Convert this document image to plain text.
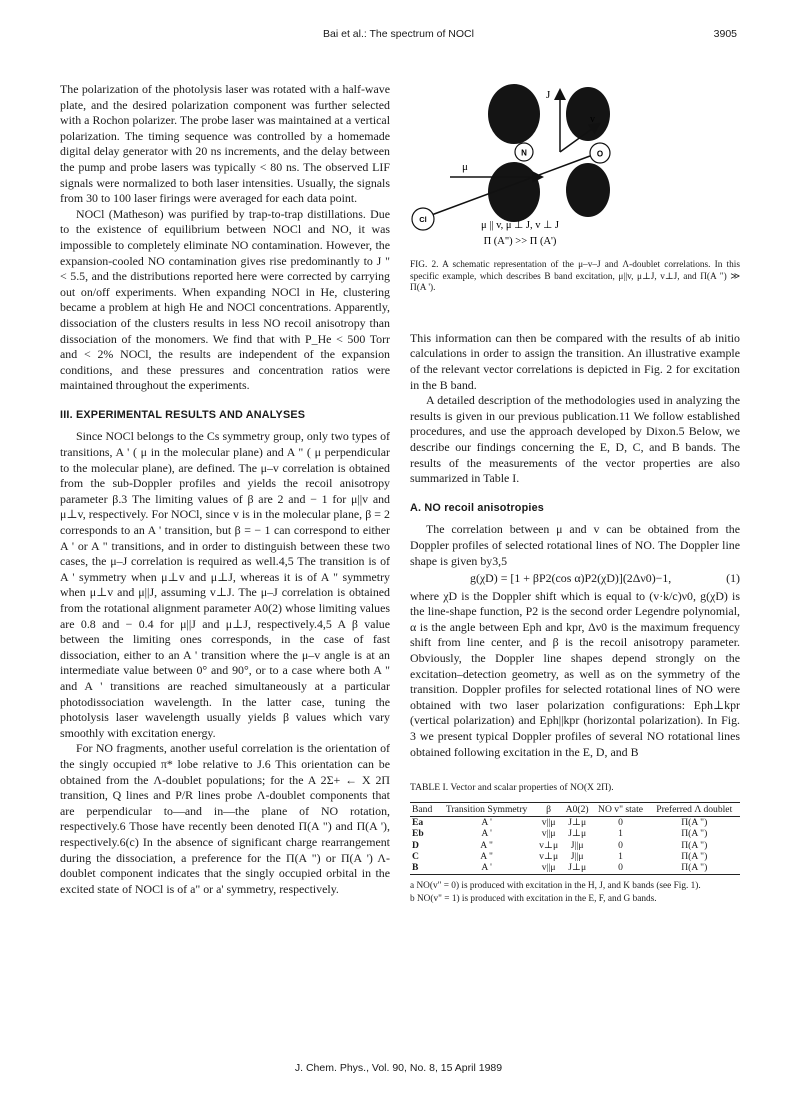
Bai et al.: The spectrum of NOCl	3905

The polarization of the photolysis laser was rotated with a half-wave plate, and the desired polarization component was further selected with a Rochon polarizer. The probe laser was maintained at a vertical polarization. The timing sequence was controlled by a homemade digital delay generator with 20 ns increments, and the delay between the pump and probe lasers was typically < 80 ns. The observed LIF signals were normalized to both laser intensities. Usually, the signals from 30 to 100 laser firings were averaged for each data point.

NOCl (Matheson) was purified by trap-to-trap distillations. Due to the existence of equilibrium between NOCl and NO, it was impossible to completely eliminate NO contamination. However, the expansion-cooled NO contamination gives rise predominantly to J " < 5.5, and the distributions reported here were corrected by carrying out on/off experiments. When expanding NOCl in He, clustering became a problem at high He and NOCl concentrations. Apparently, dissociation of the clusters results in less NO recoil anisotropy than dissociation of the monomers. We find that with P_He < 500 Torr and < 2% NOCl, the results are independent of the expansion conditions, and these pressures and concentration ratios were maintained throughout the experiments.

III. EXPERIMENTAL RESULTS AND ANALYSES

Since NOCl belongs to the Cs symmetry group, only two types of transitions, A ' ( μ in the molecular plane) and A " ( μ perpendicular to the molecular plane), are defined. The μ–v correlation is obtained from the sub-Doppler profiles and yields the recoil anisotropy parameter β.3 The limiting values of β are 2 and − 1 for μ||v and μ⊥v, respectively. For NOCl, since v is in the molecular plane, β = 2 corresponds to an A ' transition, but β = − 1 can correspond to either A ' or A " transitions, and in order to distinguish between these two cases, the μ–J correlation is required as well.4,5 The transition is of A ' symmetry when μ⊥v and μ⊥J, whereas it is of A " symmetry when μ⊥v and μ||J, assuming v⊥J. The μ–J correlation is obtained from the rotational alignment parameter A0(2) whose limiting values are 0.8 and − 0.4 for μ||J and μ⊥J, respectively.4,5 A β value between the limiting ones corresponds, in the case of fast dissociation, either to an A ' transition where the μ–v angle is at an intermediate value between 0° and 90°, or to a case where both A " and A ' transitions are reached simultaneously at a particular photodissociation wavelength. In the latter case, tuning the photolysis laser wavelength usually yields β values which vary smoothly with excitation energy.

For NO fragments, another useful correlation is the orientation of the singly occupied π* lobe relative to J.6 This orientation can be obtained from the Λ-doublet populations; for the A 2Σ+ ← X 2Π transition, Q lines and P/R lines probe Λ-doublet components that are perpendicular to—and in—the plane of NO rotation, respectively.6 Those have recently been denoted Π(A ") and Π(A '), respectively.6(c) In the absence of significant charge rearrangement during the dissociation, a preference for the Π(A ") or Π(A ') Λ-doublet component indicates that the singly occupied orbital in the excited state of NOCl is of a" or a' symmetry, respectively.

N	O
Cl
J
v
μ
μ || v, μ ⊥ J, v ⊥ J
Π (A") >> Π (A')
FIG. 2. A schematic representation of the μ–v–J and Λ-doublet correlations. In this specific example, which describes B band excitation, μ||v, μ⊥J, v⊥J, and Π(A ") ≫ Π(A ').

This information can then be compared with the results of ab initio calculations in order to assign the transition. An illustrative example of the relevant vector correlations is depicted in Fig. 2 for excitation in the B band.

A detailed description of the methodologies used in analyzing the results is given in our previous publication.11 We follow established procedures, and use the approach developed by Dixon.5 Below, we describe our findings concerning the E, D, C, and B bands. The results of the measurements of the vector properties are also summarized in Table I.

A. NO recoil anisotropies

The correlation between μ and v can be obtained from the Doppler profiles of selected rotational lines of NO. The Doppler line shape is given by3,5

g(χD) = [1 + βP2(cos α)P2(χD)](2Δν0)−1,	(1)

where χD is the Doppler shift which is equal to (v·k/c)ν0, g(χD) is the line-shape function, P2 is the second order Legendre polynomial, α is the angle between Eph and kpr, Δν0 is the maximum frequency shift from line center, and β is the recoil anisotropy parameter. Obviously, the Doppler line shapes depend strongly on the excitation–detection geometry, as well as on the symmetry of the transition. Doppler profiles for selected rotational lines of NO were obtained with two laser polarization configurations: Eph⊥kpr (vertical polarization) and Eph||kpr (horizontal polarization). In Fig. 3 we present typical Doppler profiles of several NO rotational lines obtained following excitation in the E, D, and B

TABLE I. Vector and scalar properties of NO(X 2Π).

Band	Transition Symmetry	β	A0(2)	NO v" state	Preferred Λ doublet
Ea	A '	v||μ	J⊥μ	0	Π(A ")
Eb	A '	v||μ	J⊥μ	1	Π(A ")
D	A "	v⊥μ	J||μ	0	Π(A ")
C	A "	v⊥μ	J||μ	1	Π(A ")
B	A '	v||μ	J⊥μ	0	Π(A ")
a NO(v" = 0) is produced with excitation in the H, J, and K bands (see Fig. 1).
b NO(v" = 1) is produced with excitation in the E, F, and G bands.
J. Chem. Phys., Vol. 90, No. 8, 15 April 1989
